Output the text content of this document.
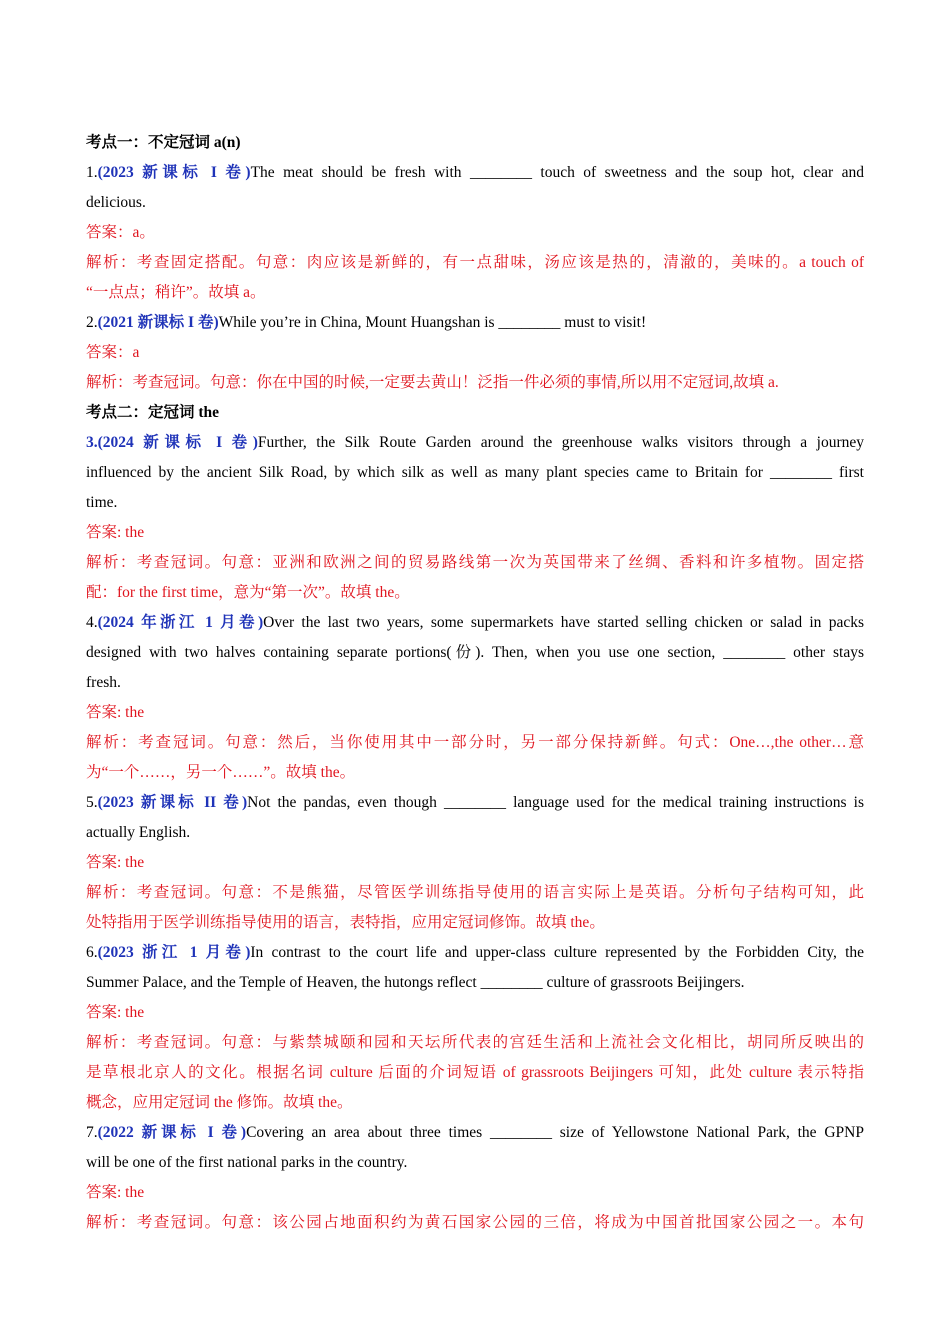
考点一：不定冠词 a(n)

1.(2023 新课标 I 卷)The meat should be fresh with ________ touch of sweetness and the soup hot, clear and

delicious.

答案：a。

解析：考查固定搭配。句意：肉应该是新鲜的，有一点甜味，汤应该是热的，清澈的，美味的。a touch of

“一点点；稍许”。故填 a。

2.(2021 新课标 I 卷)While you’re in China, Mount Huangshan is ________ must to visit!

答案：a

解析：考查冠词。句意：你在中国的时候,一定要去黄山！泛指一件必须的事情,所以用不定冠词,故填 a.

考点二：定冠词 the

3.(2024 新课标 I 卷)Further, the Silk Route Garden around the greenhouse walks visitors through a journey

influenced by the ancient Silk Road, by which silk as well as many plant species came to Britain for ________ first

time.

答案: the

解析：考查冠词。句意：亚洲和欧洲之间的贸易路线第一次为英国带来了丝绸、香料和许多植物。固定搭

配：for the first time，意为“第一次”。故填 the。

4.(2024 年浙江 1 月卷)Over the last two years, some supermarkets have started selling chicken or salad in packs

designed with two halves containing separate portions(份). Then, when you use one section, ________ other stays

fresh.

答案: the

解析：考查冠词。句意：然后，当你使用其中一部分时，另一部分保持新鲜。句式：One…,the other…意

为“一个……，另一个……”。故填 the。

5.(2023 新课标 II 卷)Not the pandas, even though ________ language used for the medical training instructions is

actually English.

答案: the

解析：考查冠词。句意：不是熊猫，尽管医学训练指导使用的语言实际上是英语。分析句子结构可知，此

处特指用于医学训练指导使用的语言，表特指，应用定冠词修饰。故填 the。

6.(2023 浙江 1 月卷)In contrast to the court life and upper-class culture represented by the Forbidden City, the

Summer Palace, and the Temple of Heaven, the hutongs reflect ________ culture of grassroots Beijingers.

答案: the

解析：考查冠词。句意：与紫禁城颐和园和天坛所代表的宫廷生活和上流社会文化相比，胡同所反映出的

是草根北京人的文化。根据名词 culture 后面的介词短语 of grassroots Beijingers 可知，此处 culture 表示特指

概念，应用定冠词 the 修饰。故填 the。

7.(2022 新课标 I 卷)Covering an area about three times ________ size of Yellowstone National Park, the GPNP

will be one of the first national parks in the country.

答案: the

解析：考查冠词。句意：该公园占地面积约为黄石国家公园的三倍，将成为中国首批国家公园之一。本句
